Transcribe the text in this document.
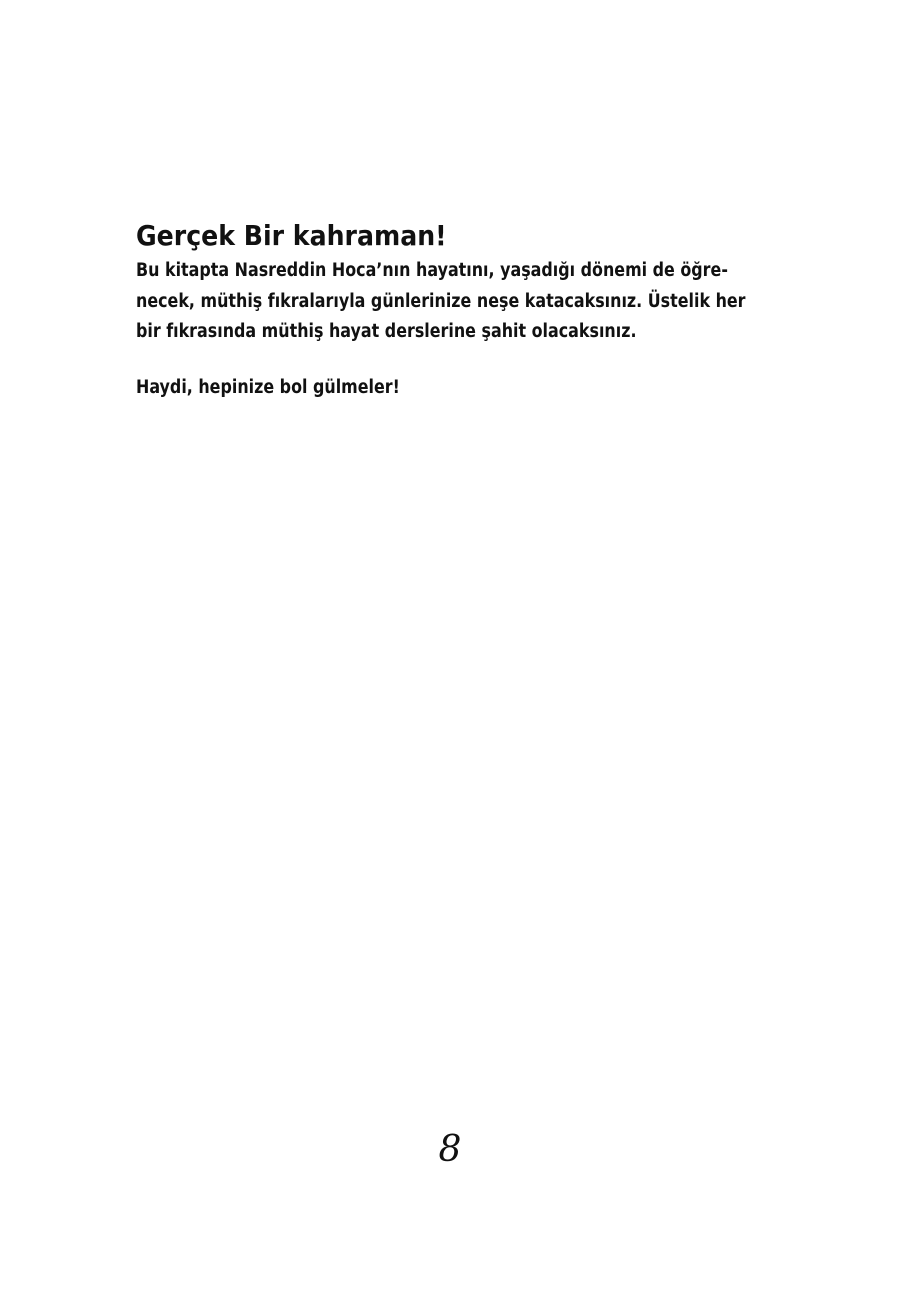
Gerçek Bir kahraman!

Bu kitapta Nasreddin Hoca’nın hayatını, yaşadığı dönemi de öğre-
necek, müthiş fıkralarıyla günlerinize neşe katacaksınız. Üstelik her
bir fıkrasında müthiş hayat derslerine şahit olacaksınız.

Haydi, hepinize bol gülmeler!

8
